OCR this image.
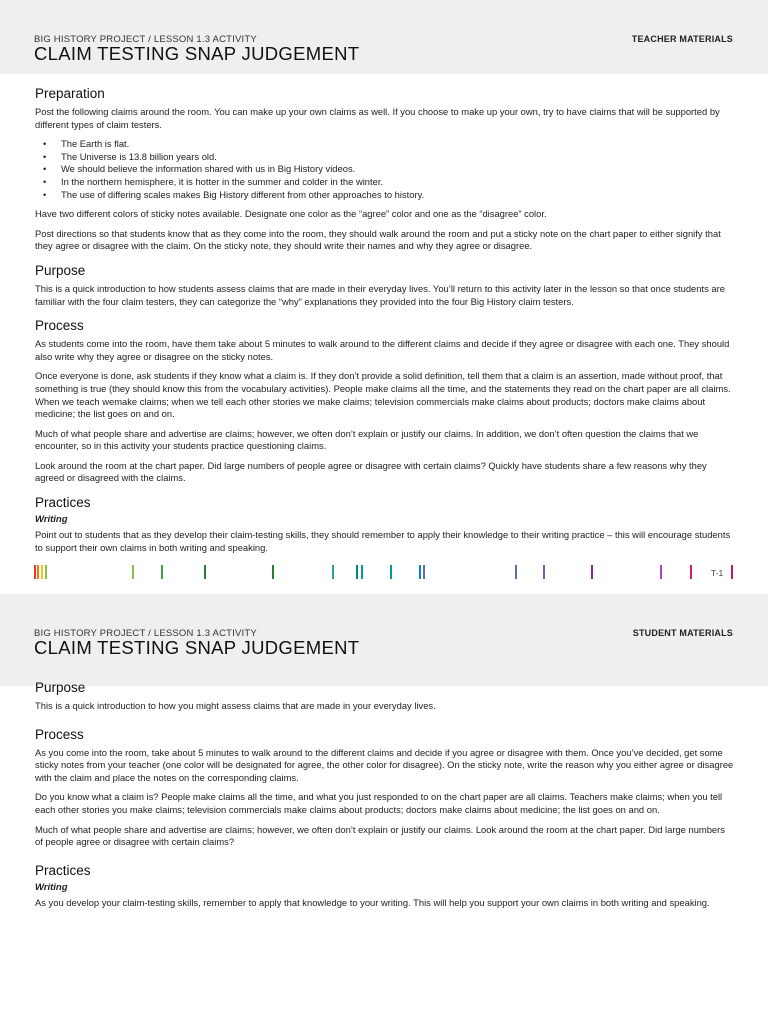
BIG HISTORY PROJECT / LESSON 1.3 ACTIVITY
CLAIM TESTING SNAP JUDGEMENT
TEACHER MATERIALS
Preparation

Post the following claims around the room. You can make up your own claims as well. If you choose to make up your own, try to have claims that will be supported by different types of claim testers.

• The Earth is flat.
• The Universe is 13.8 billion years old.
• We should believe the information shared with us in Big History videos.
• In the northern hemisphere, it is hotter in the summer and colder in the winter.
• The use of differing scales makes Big History different from other approaches to history.

Have two different colors of sticky notes available. Designate one color as the “agree” color and one as the “disagree” color.

Post directions so that students know that as they come into the room, they should walk around the room and put a sticky note on the chart paper to either signify that they agree or disagree with the claim. On the sticky note, they should write their names and why they agree or disagree.

Purpose

This is a quick introduction to how students assess claims that are made in their everyday lives. You’ll return to this activity later in the lesson so that once students are familiar with the four claim testers, they can categorize the “why” explanations they provided into the four Big History claim testers.

Process

As students come into the room, have them take about 5 minutes to walk around to the different claims and decide if they agree or disagree with each one. They should also write why they agree or disagree on the sticky notes.

Once everyone is done, ask students if they know what a claim is. If they don’t provide a solid definition, tell them that a claim is an assertion, made without proof, that something is true (they should know this from the vocabulary activities). People make claims all the time, and the statements they read on the chart paper are all claims. When we teach wemake claims; when we tell each other stories we make claims; television commercials make claims about products; doctors make claims about medicine; the list goes on and on.

Much of what people share and advertise are claims; however, we often don’t explain or justify our claims. In addition, we don’t often question the claims that we encounter, so in this activity your students practice questioning claims.

Look around the room at the chart paper. Did large numbers of people agree or disagree with certain claims? Quickly have students share a few reasons why they agreed or disagreed with the claims.

Practices
Writing

Point out to students that as they develop their claim-testing skills, they should remember to apply their knowledge to their writing practice – this will encourage students to support their own claims in both writing and speaking.

T-1
BIG HISTORY PROJECT / LESSON 1.3 ACTIVITY
CLAIM TESTING SNAP JUDGEMENT
STUDENT MATERIALS
Purpose

This is a quick introduction to how you might assess claims that are made in your everyday lives.

Process

As you come into the room, take about 5 minutes to walk around to the different claims and decide if you agree or disagree with them. Once you’ve decided, get some sticky notes from your teacher (one color will be designated for agree, the other color for disagree). On the sticky note, write the reason why you either agree or disagree with the claim and place the notes on the corresponding claims.

Do you know what a claim is? People make claims all the time, and what you just responded to on the chart paper are all claims. Teachers make claims; when you tell each other stories you make claims; television commercials make claims about products; doctors make claims about medicine; the list goes on and on.

Much of what people share and advertise are claims; however, we often don’t explain or justify our claims. Look around the room at the chart paper. Did large numbers of people agree or disagree with certain claims?

Practices
Writing

As you develop your claim-testing skills, remember to apply that knowledge to your writing. This will help you support your own claims in both writing and speaking.
